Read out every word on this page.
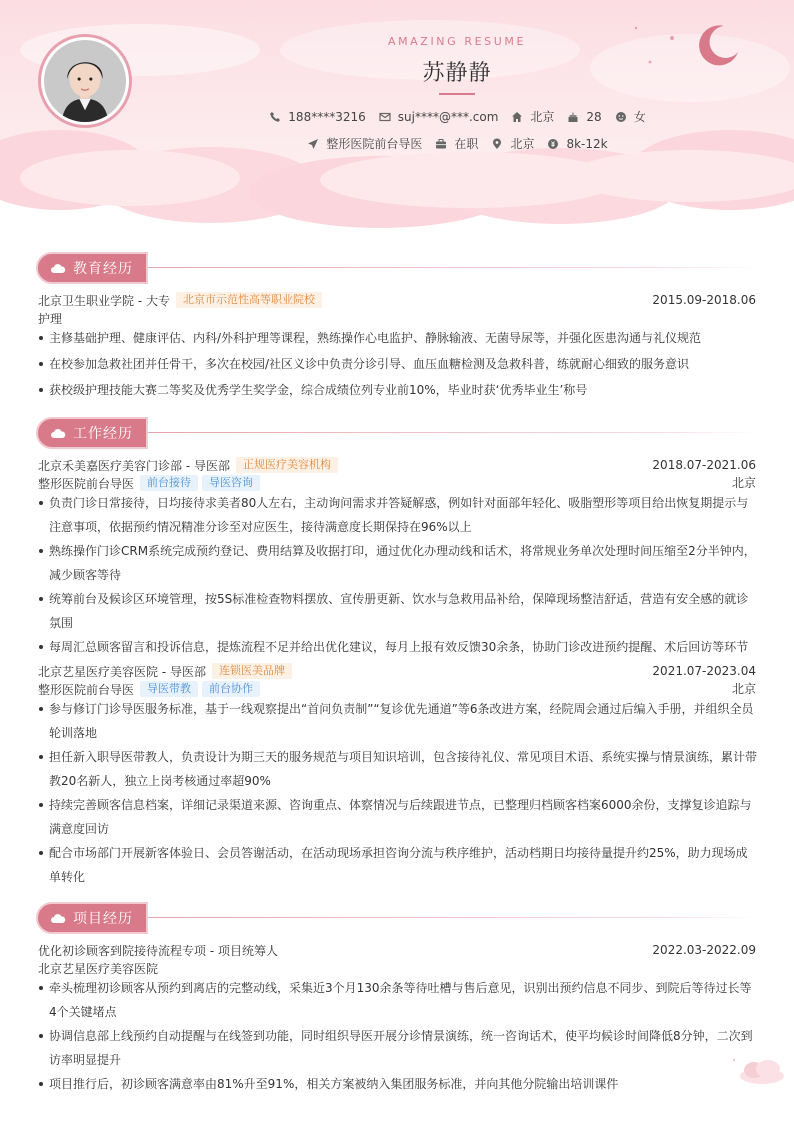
AMAZING RESUME
苏静静
188****3216	suj****@***.com	北京	28	女
整形医院前台导医	在职	北京	8k-12k
教育经历
北京卫生职业学院 - 大专	北京市示范性高等职业院校	2015.09-2018.06
护理
主修基础护理、健康评估、内科/外科护理等课程，熟练操作心电监护、静脉输液、无菌导尿等，并强化医患沟通与礼仪规范
在校参加急救社团并任骨干，多次在校园/社区义诊中负责分诊引导、血压血糖检测及急救科普，练就耐心细致的服务意识
获校级护理技能大赛二等奖及优秀学生奖学金，综合成绩位列专业前10%，毕业时获‘优秀毕业生’称号
工作经历
北京禾美嘉医疗美容门诊部 - 导医部	正规医疗美容机构	2018.07-2021.06
整形医院前台导医	前台接待	导医咨询	北京
负责门诊日常接待，日均接待求美者80人左右，主动询问需求并答疑解惑，例如针对面部年轻化、吸脂塑形等项目给出恢复期提示与注意事项，依据预约情况精准分诊至对应医生，接待满意度长期保持在96%以上
熟练操作门诊CRM系统完成预约登记、费用结算及收据打印，通过优化办理动线和话术，将常规业务单次处理时间压缩至2分半钟内，减少顾客等待
统筹前台及候诊区环境管理，按5S标准检查物料摆放、宣传册更新、饮水与急救用品补给，保障现场整洁舒适，营造有安全感的就诊氛围
每周汇总顾客留言和投诉信息，提炼流程不足并给出优化建议，每月上报有效反馈30余条，协助门诊改进预约提醒、术后回访等环节
北京艺星医疗美容医院 - 导医部	连锁医美品牌	2021.07-2023.04
整形医院前台导医	导医带教	前台协作	北京
参与修订门诊导医服务标准，基于一线观察提出“首问负责制”“复诊优先通道”等6条改进方案，经院周会通过后编入手册，并组织全员轮训落地
担任新入职导医带教人，负责设计为期三天的服务规范与项目知识培训，包含接待礼仪、常见项目术语、系统实操与情景演练，累计带教20名新人，独立上岗考核通过率超90%
持续完善顾客信息档案，详细记录渠道来源、咨询重点、体察情况与后续跟进节点，已整理归档顾客档案6000余份，支撑复诊追踪与满意度回访
配合市场部门开展新客体验日、会员答谢活动，在活动现场承担咨询分流与秩序维护，活动档期日均接待量提升约25%，助力现场成单转化
项目经历
优化初诊顾客到院接待流程专项 - 项目统筹人	2022.03-2022.09
北京艺星医疗美容医院
牵头梳理初诊顾客从预约到离店的完整动线，采集近3个月130余条等待吐槽与售后意见，识别出预约信息不同步、到院后等待过长等4个关键堵点
协调信息部上线预约自动提醒与在线签到功能，同时组织导医开展分诊情景演练，统一咨询话术，使平均候诊时间降低8分钟，二次到访率明显提升
项目推行后，初诊顾客满意率由81%升至91%，相关方案被纳入集团服务标准，并向其他分院输出培训课件
